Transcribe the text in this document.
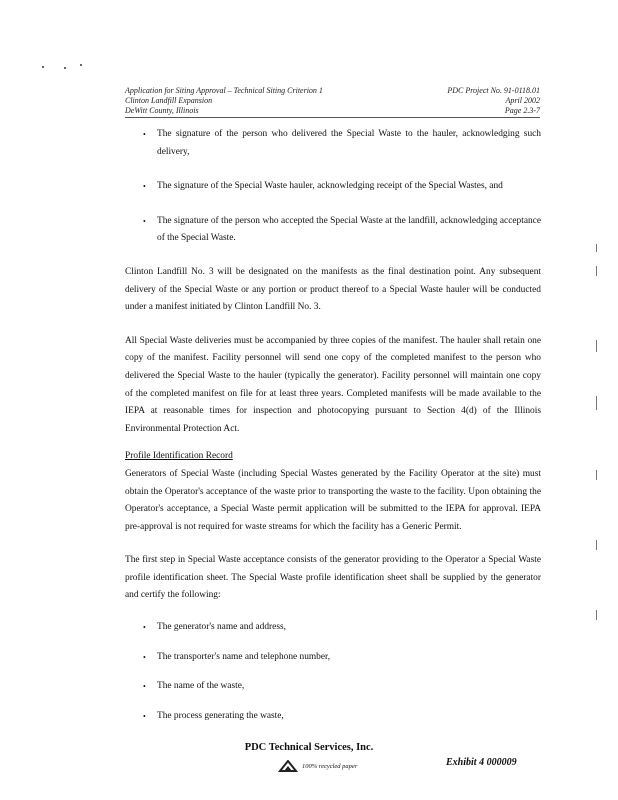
Application for Siting Approval – Technical Siting Criterion 1
Clinton Landfill Expansion
DeWitt County, Illinois
PDC Project No. 91-0118.01
April 2002
Page 2.3-7
• The signature of the person who delivered the Special Waste to the hauler, acknowledging such delivery,
• The signature of the Special Waste hauler, acknowledging receipt of the Special Wastes, and
• The signature of the person who accepted the Special Waste at the landfill, acknowledging acceptance of the Special Waste.

Clinton Landfill No. 3 will be designated on the manifests as the final destination point. Any subsequent delivery of the Special Waste or any portion or product thereof to a Special Waste hauler will be conducted under a manifest initiated by Clinton Landfill No. 3.

All Special Waste deliveries must be accompanied by three copies of the manifest. The hauler shall retain one copy of the manifest. Facility personnel will send one copy of the completed manifest to the person who delivered the Special Waste to the hauler (typically the generator). Facility personnel will maintain one copy of the completed manifest on file for at least three years. Completed manifests will be made available to the IEPA at reasonable times for inspection and photocopying pursuant to Section 4(d) of the Illinois Environmental Protection Act.

Profile Identification Record

Generators of Special Waste (including Special Wastes generated by the Facility Operator at the site) must obtain the Operator's acceptance of the waste prior to transporting the waste to the facility. Upon obtaining the Operator's acceptance, a Special Waste permit application will be submitted to the IEPA for approval. IEPA pre-approval is not required for waste streams for which the facility has a Generic Permit.

The first step in Special Waste acceptance consists of the generator providing to the Operator a Special Waste profile identification sheet. The Special Waste profile identification sheet shall be supplied by the generator and certify the following:

• The generator's name and address,
• The transporter's name and telephone number,
• The name of the waste,
• The process generating the waste,
PDC Technical Services, Inc.
100% recycled paper	Exhibit 4 000009
